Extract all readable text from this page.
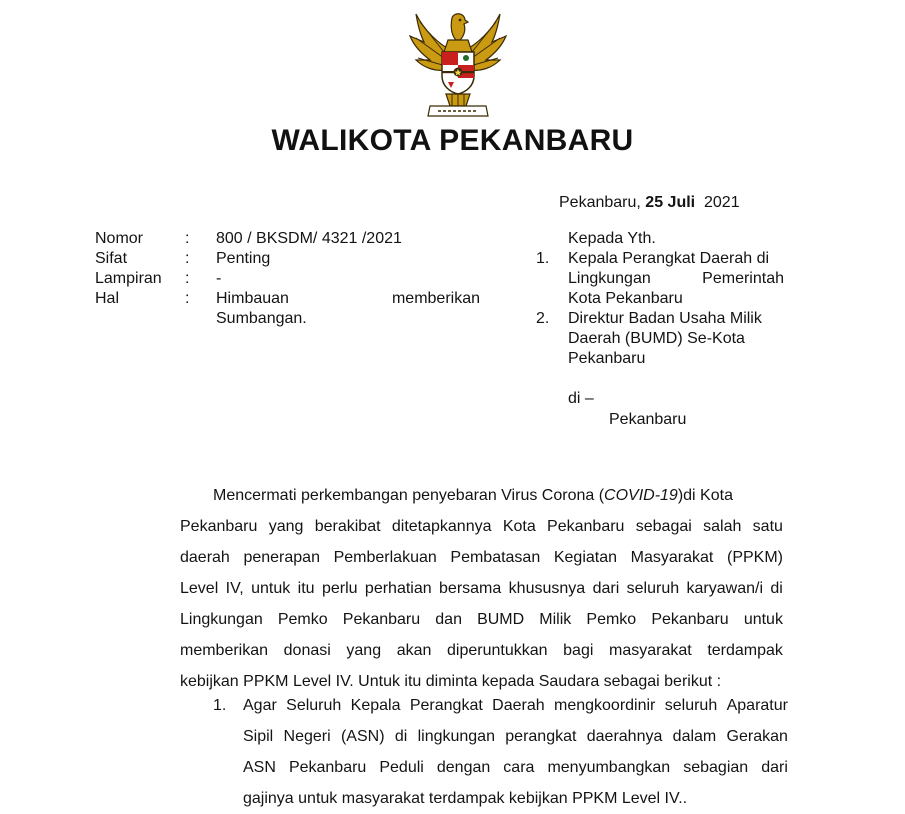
WALIKOTA PEKANBARU
Pekanbaru, 25 Juli 2021
Nomor	: 800 / BKSDM/ 4321 /2021
Sifat	: Penting
Lampiran : -
Hal	: Himbauan	memberikan
Sumbangan.
Kepada Yth.
1. Kepala Perangkat Daerah di
Lingkungan	Pemerintah
Kota Pekanbaru
2. Direktur Badan Usaha Milik
Daerah (BUMD) Se-Kota
Pekanbaru
di –
Pekanbaru
Mencermati perkembangan penyebaran Virus Corona (COVID-19)di Kota
Pekanbaru yang berakibat ditetapkannya Kota Pekanbaru sebagai salah satu
daerah penerapan Pemberlakuan Pembatasan Kegiatan Masyarakat (PPKM)
Level IV, untuk itu perlu perhatian bersama khususnya dari seluruh karyawan/i di
Lingkungan Pemko Pekanbaru dan BUMD Milik Pemko Pekanbaru untuk
memberikan donasi yang akan diperuntukkan bagi masyarakat terdampak
kebijkan PPKM Level IV. Untuk itu diminta kepada Saudara sebagai berikut :
1. Agar Seluruh Kepala Perangkat Daerah mengkoordinir seluruh Aparatur
Sipil Negeri (ASN) di lingkungan perangkat daerahnya dalam Gerakan
ASN Pekanbaru Peduli dengan cara menyumbangkan sebagian dari
gajinya untuk masyarakat terdampak kebijkan PPKM Level IV..
